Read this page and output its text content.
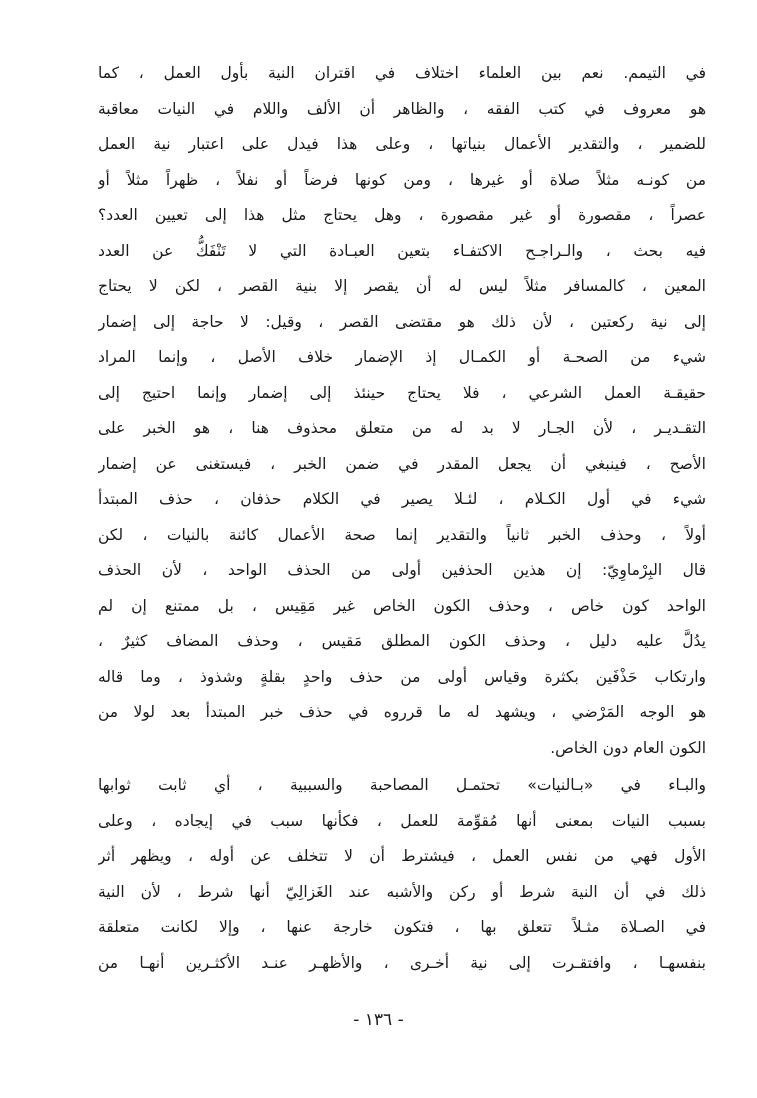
في التيمم. نعم بين العلماء اختلاف في اقتران النية بأول العمل ، كما
هو معروف في كتب الفقه ، والظاهر أن الألف واللام في النيات معاقبة
للضمير ، والتقدير الأعمال بنياتها ، وعلى هذا فيدل على اعتبار نية العمل
من كونـه مثلاً صلاة أو غيرها ، ومن كونها فرضاً أو نفلاً ، ظهراً مثلاً أو
عصراً ، مقصورة أو غير مقصورة ، وهل يحتاج مثل هذا إلى تعيين العدد؟
فيه بحث ، والـراجـح الاكتفـاء بتعين العبـادة التي لا تَنْفَكُّ عن العدد
المعين ، كالمسافر مثلاً ليس له أن يقصر إلا بنية القصر ، لكن لا يحتاج
إلى نية ركعتين ، لأن ذلك هو مقتضى القصر ، وقيل: لا حاجة إلى إضمار
شيء من الصحـة أو الكمـال إذ الإضمار خلاف الأصل ، وإنما المراد
حقيقـة العمل الشرعي ، فلا يحتاج حينئذ إلى إضمار وإنما احتيج إلى
التقـديـر ، لأن الجـار لا بد له من متعلق محذوف هنا ، هو الخبر على
الأصح ، فينبغي أن يجعل المقدر في ضمن الخبر ، فيستغنى عن إضمار
شيء في أول الكـلام ، لئـلا يصير في الكلام حذفان ، حذف المبتدأ
أولاً ، وحذف الخبر ثانياً والتقدير إنما صحة الأعمال كائنة بالنيات ، لكن
قال البِرْماوِيّ: إن هذين الحذفين أولى من الحذف الواحد ، لأن الحذف
الواحد كون خاص ، وحذف الكون الخاص غير مَقِيس ، بل ممتنع إن لم
يدُلَّ عليه دليل ، وحذف الكون المطلق مَقيس ، وحذف المضاف كثيرٌ ،
وارتكاب حَذْفَين بكثرة وقياس أولى من حذف واحدٍ بقلةٍ وشذوذ ، وما قاله
هو الوجه المَرْضي ، ويشهد له ما قرروه في حذف خبر المبتدأ بعد لولا من
الكون العام دون الخاص.
والبـاء في «بـالنيات» تحتمـل المصاحبة والسببية ، أي ثابت ثوابها
بسبب النيات بمعنى أنها مُقوِّمة للعمل ، فكأنها سبب في إيجاده ، وعلى
الأول فهي من نفس العمل ، فيشترط أن لا تتخلف عن أوله ، ويظهر أثر
ذلك في أن النية شرط أو ركن والأشبه عند الغَزالِيّ أنها شرط ، لأن النية
في الصـلاة مثـلاً تتعلق بها ، فتكون خارجة عنها ، وإلا لكانت متعلقة
بنفسهـا ، وافتقـرت إلى نية أخـرى ، والأظهـر عنـد الأكثـرين أنهـا من
- ١٣٦ -
